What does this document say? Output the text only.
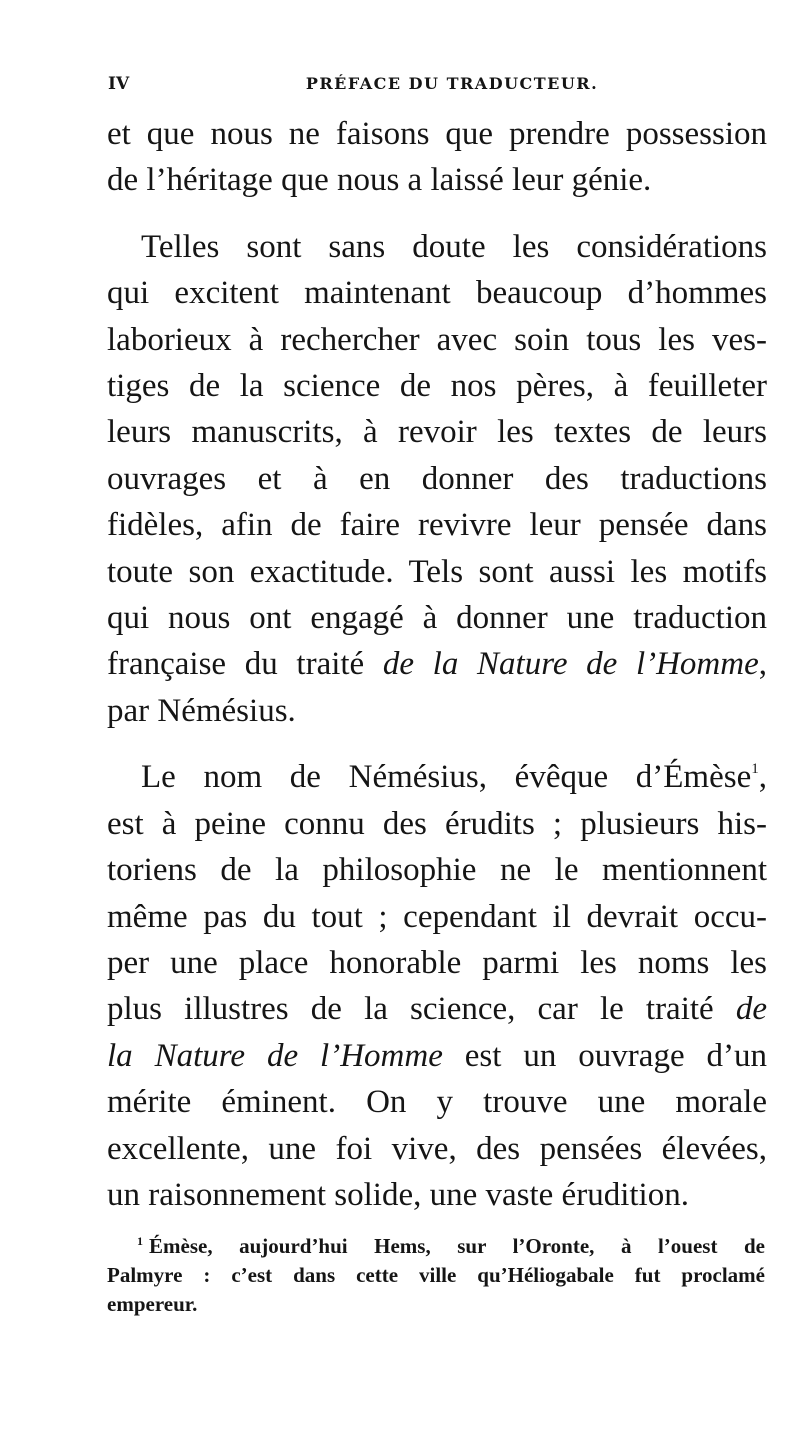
IV	PRÉFACE DU TRADUCTEUR.
et que nous ne faisons que prendre possession
de l’héritage que nous a laissé leur génie.
Telles sont sans doute les considérations
qui excitent maintenant beaucoup d’hommes
laborieux à rechercher avec soin tous les ves-
tiges de la science de nos pères, à feuilleter
leurs manuscrits, à revoir les textes de leurs
ouvrages et à en donner des traductions
fidèles, afin de faire revivre leur pensée dans
toute son exactitude. Tels sont aussi les motifs
qui nous ont engagé à donner une traduction
française du traité de la Nature de l’Homme,
par Némésius.
Le nom de Némésius, évêque d’Émèse$^1$,
est à peine connu des érudits ; plusieurs his-
toriens de la philosophie ne le mentionnent
même pas du tout ; cependant il devrait occu-
per une place honorable parmi les noms les
plus illustres de la science, car le traité de
la Nature de l’Homme est un ouvrage d’un
mérite éminent. On y trouve une morale
excellente, une foi vive, des pensées élevées,
un raisonnement solide, une vaste érudition.
$^1$ Émèse, aujourd’hui Hems, sur l’Oronte, à l’ouest de
Palmyre : c’est dans cette ville qu’Héliogabale fut proclamé
empereur.
